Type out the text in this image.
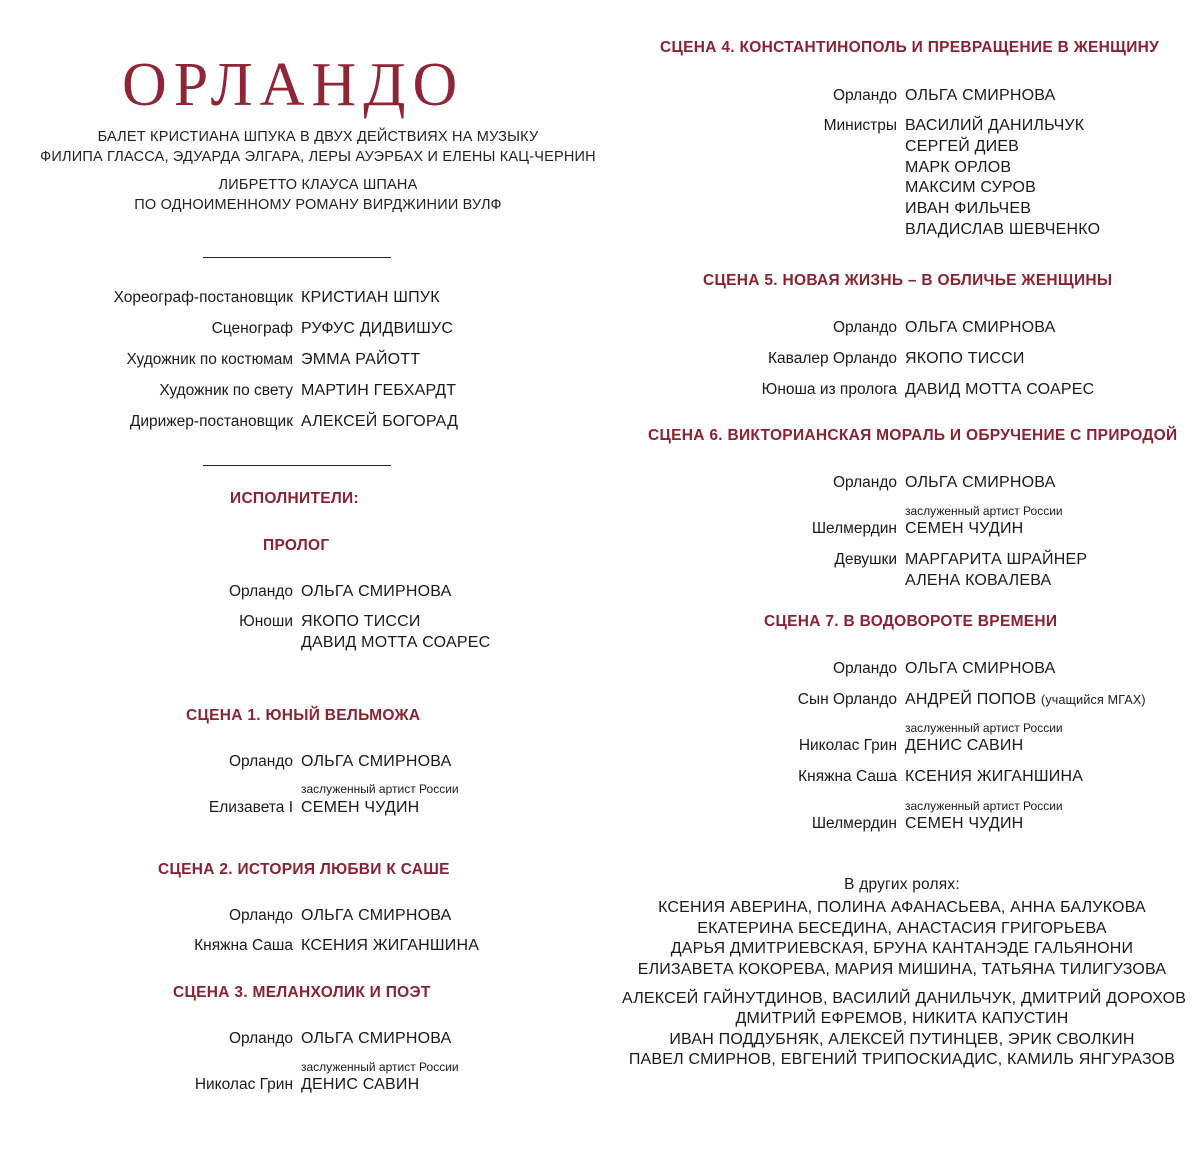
ОРЛАНДО
БАЛЕТ КРИСТИАНА ШПУКА В ДВУХ ДЕЙСТВИЯХ НА МУЗЫКУ
ФИЛИПА ГЛАССА, ЭДУАРДА ЭЛГАРА, ЛЕРЫ АУЭРБАХ И ЕЛЕНЫ КАЦ-ЧЕРНИН
ЛИБРЕТТО КЛАУСА ШПАНА
ПО ОДНОИМЕННОМУ РОМАНУ ВИРДЖИНИИ ВУЛФ
Хореограф-постановщик КРИСТИАН ШПУК
Сценограф РУФУС ДИДВИШУС
Художник по костюмам ЭММА РАЙОТТ
Художник по свету МАРТИН ГЕБХАРДТ
Дирижер-постановщик АЛЕКСЕЙ БОГОРАД
ИСПОЛНИТЕЛИ:
ПРОЛОГ
Орландо ОЛЬГА СМИРНОВА
Юноши ЯКОПО ТИССИ
ДАВИД МОТТА СОАРЕС
СЦЕНА 1. ЮНЫЙ ВЕЛЬМОЖА
Орландо ОЛЬГА СМИРНОВА
заслуженный артист России
Елизавета I СЕМЕН ЧУДИН
СЦЕНА 2. ИСТОРИЯ ЛЮБВИ К САШЕ
Орландо ОЛЬГА СМИРНОВА
Княжна Саша КСЕНИЯ ЖИГАНШИНА
СЦЕНА 3. МЕЛАНХОЛИК И ПОЭТ
Орландо ОЛЬГА СМИРНОВА
заслуженный артист России
Николас Грин ДЕНИС САВИН
СЦЕНА 4. КОНСТАНТИНОПОЛЬ И ПРЕВРАЩЕНИЕ В ЖЕНЩИНУ
Орландо ОЛЬГА СМИРНОВА
Министры ВАСИЛИЙ ДАНИЛЬЧУК
СЕРГЕЙ ДИЕВ
МАРК ОРЛОВ
МАКСИМ СУРОВ
ИВАН ФИЛЬЧЕВ
ВЛАДИСЛАВ ШЕВЧЕНКО
СЦЕНА 5. НОВАЯ ЖИЗНЬ – В ОБЛИЧЬЕ ЖЕНЩИНЫ
Орландо ОЛЬГА СМИРНОВА
Кавалер Орландо ЯКОПО ТИССИ
Юноша из пролога ДАВИД МОТТА СОАРЕС
СЦЕНА 6. ВИКТОРИАНСКАЯ МОРАЛЬ И ОБРУЧЕНИЕ С ПРИРОДОЙ
Орландо ОЛЬГА СМИРНОВА
заслуженный артист России
Шелмердин СЕМЕН ЧУДИН
Девушки МАРГАРИТА ШРАЙНЕР
АЛЕНА КОВАЛЕВА
СЦЕНА 7. В ВОДОВОРОТЕ ВРЕМЕНИ
Орландо ОЛЬГА СМИРНОВА
Сын Орландо АНДРЕЙ ПОПОВ (учащийся МГАХ)
заслуженный артист России
Николас Грин ДЕНИС САВИН
Княжна Саша КСЕНИЯ ЖИГАНШИНА
заслуженный артист России
Шелмердин СЕМЕН ЧУДИН
В других ролях:
КСЕНИЯ АВЕРИНА, ПОЛИНА АФАНАСЬЕВА, АННА БАЛУКОВА
ЕКАТЕРИНА БЕСЕДИНА, АНАСТАСИЯ ГРИГОРЬЕВА
ДАРЬЯ ДМИТРИЕВСКАЯ, БРУНА КАНТАНЭДЕ ГАЛЬЯНОНИ
ЕЛИЗАВЕТА КОКОРЕВА, МАРИЯ МИШИНА, ТАТЬЯНА ТИЛИГУЗОВА
АЛЕКСЕЙ ГАЙНУТДИНОВ, ВАСИЛИЙ ДАНИЛЬЧУК, ДМИТРИЙ ДОРОХОВ
ДМИТРИЙ ЕФРЕМОВ, НИКИТА КАПУСТИН
ИВАН ПОДДУБНЯК, АЛЕКСЕЙ ПУТИНЦЕВ, ЭРИК СВОЛКИН
ПАВЕЛ СМИРНОВ, ЕВГЕНИЙ ТРИПОСКИАДИС, КАМИЛЬ ЯНГУРАЗОВ
